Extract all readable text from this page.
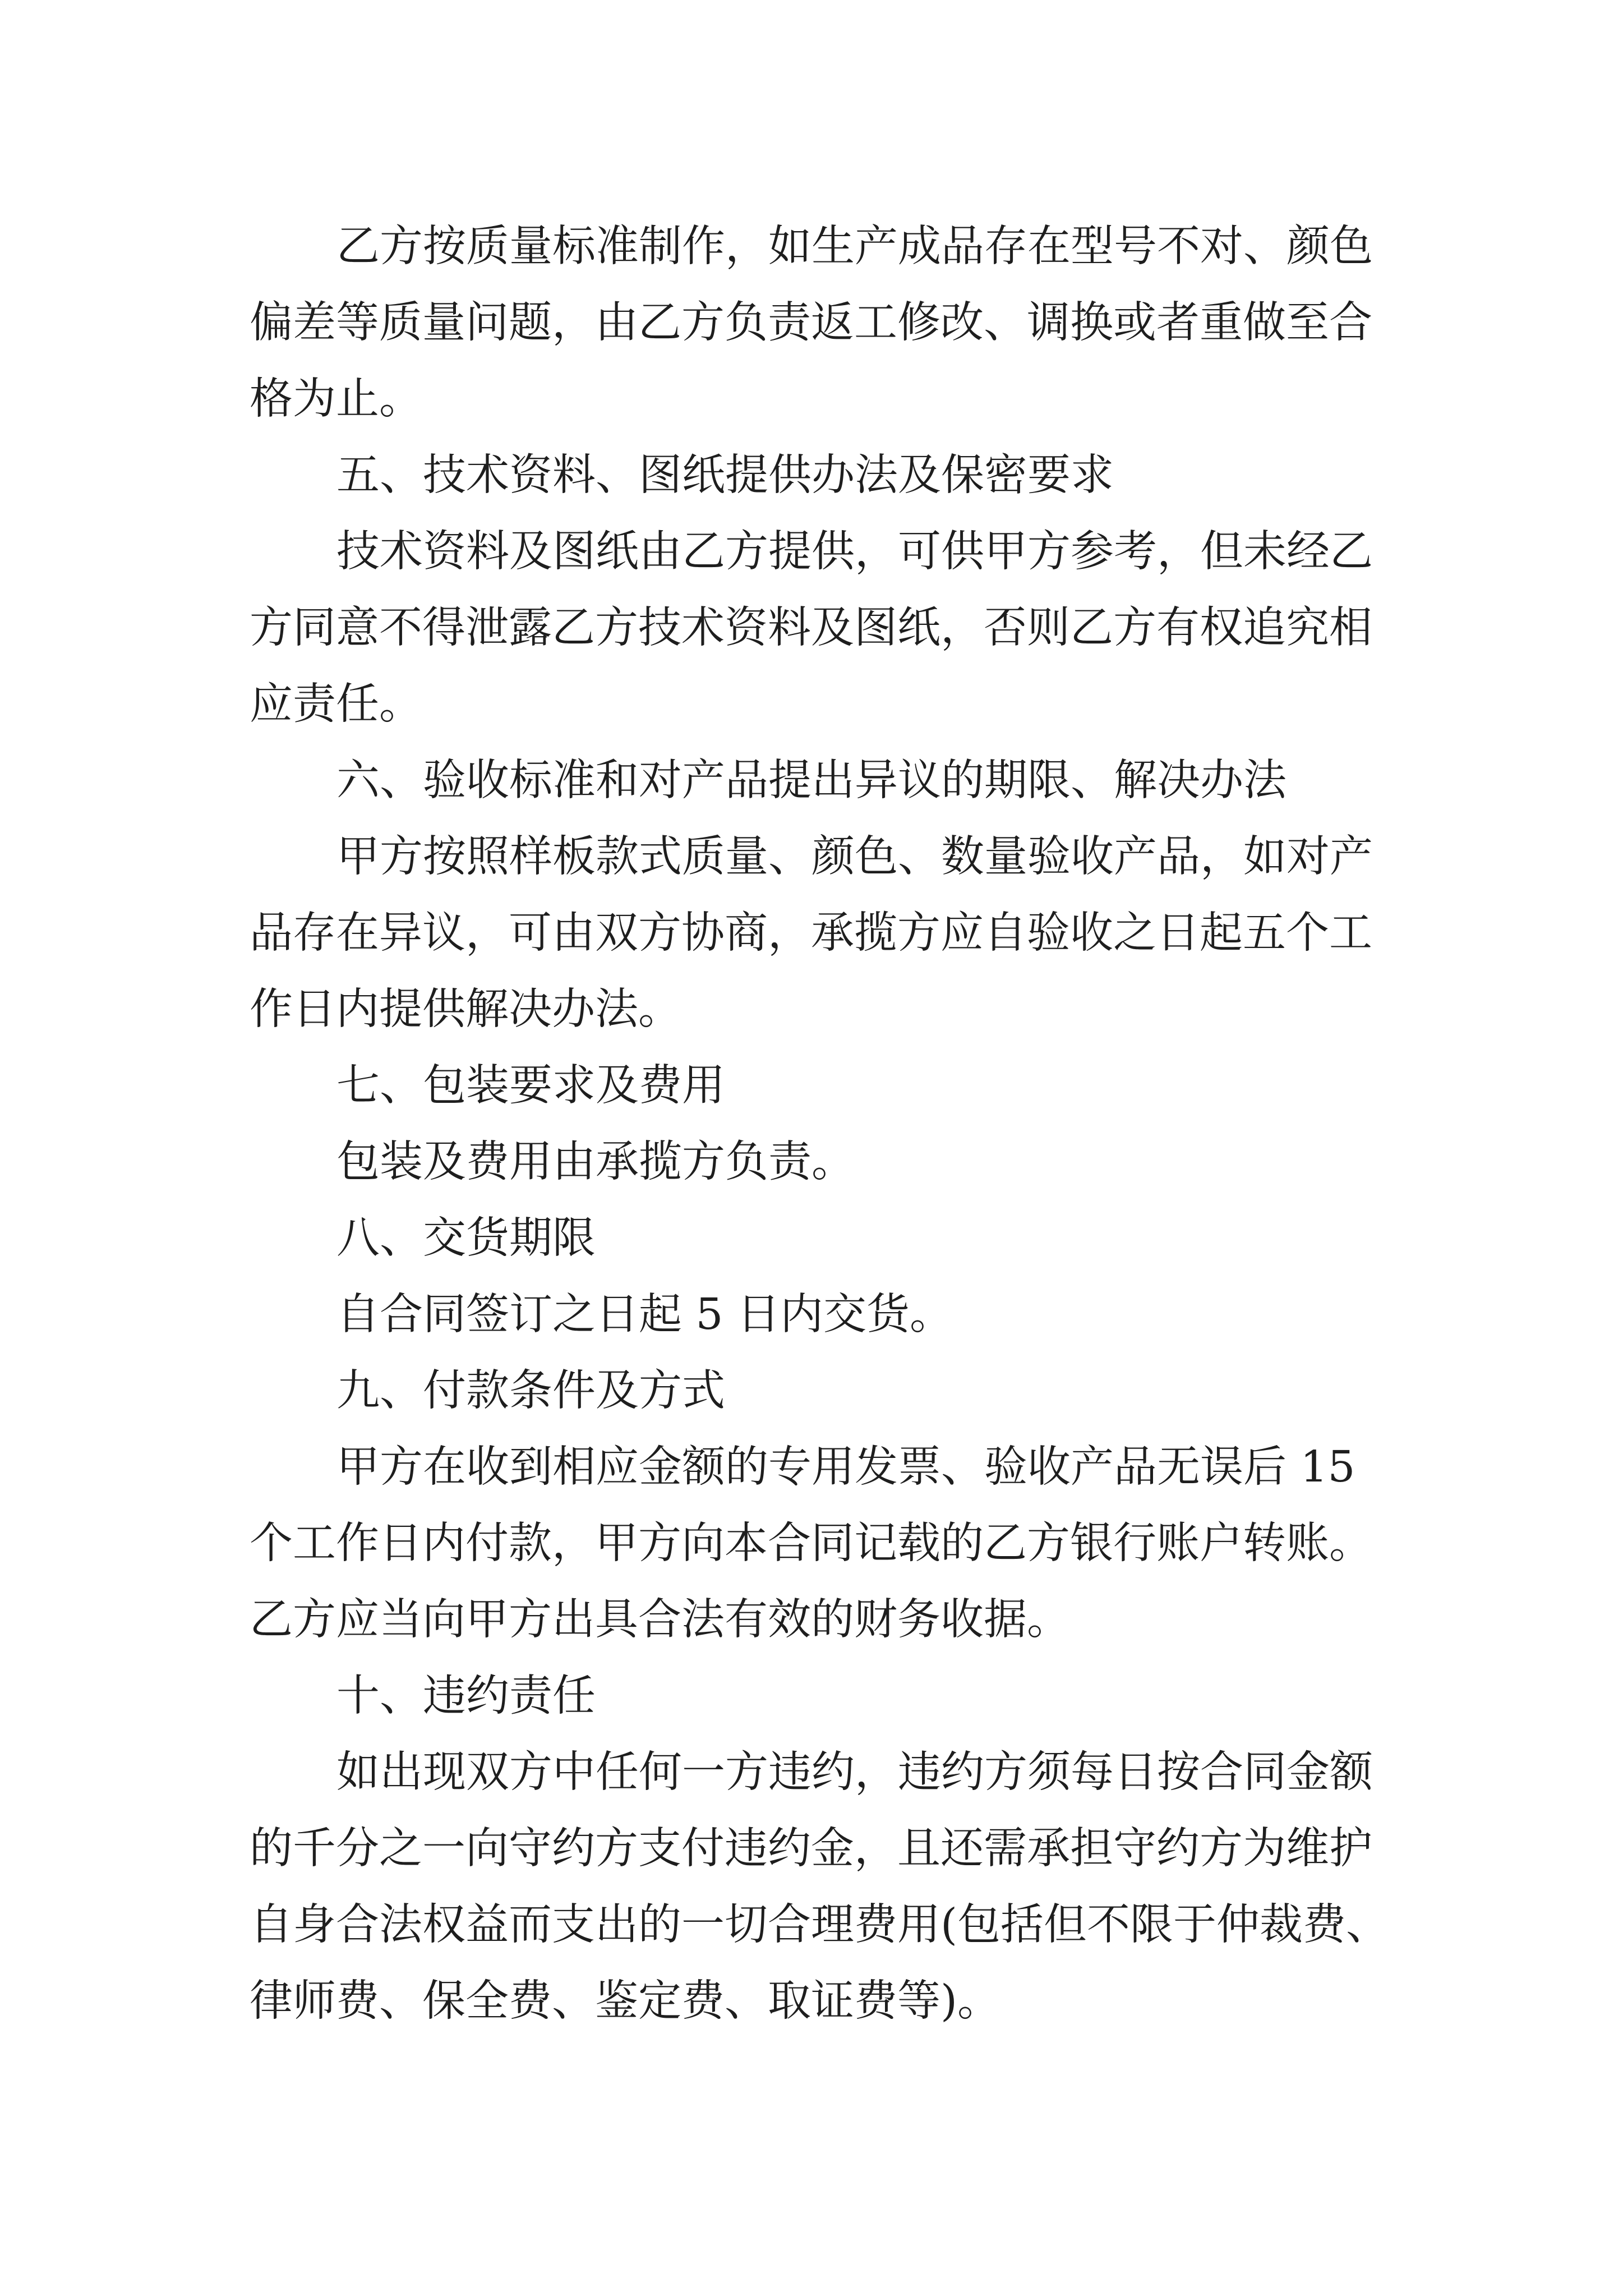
乙方按质量标准制作，如生产成品存在型号不对、颜色
偏差等质量问题，由乙方负责返工修改、调换或者重做至合
格为止。
五、技术资料、图纸提供办法及保密要求
技术资料及图纸由乙方提供，可供甲方参考，但未经乙
方同意不得泄露乙方技术资料及图纸，否则乙方有权追究相
应责任。
六、验收标准和对产品提出异议的期限、解决办法
甲方按照样板款式质量、颜色、数量验收产品，如对产
品存在异议，可由双方协商，承揽方应自验收之日起五个工
作日内提供解决办法。
七、包装要求及费用
包装及费用由承揽方负责。
八、交货期限
自合同签订之日起 5 日内交货。
九、付款条件及方式
甲方在收到相应金额的专用发票、验收产品无误后 15
个工作日内付款，甲方向本合同记载的乙方银行账户转账。
乙方应当向甲方出具合法有效的财务收据。
十、违约责任
如出现双方中任何一方违约，违约方须每日按合同金额
的千分之一向守约方支付违约金，且还需承担守约方为维护
自身合法权益而支出的一切合理费用(包括但不限于仲裁费、
律师费、保全费、鉴定费、取证费等)。
